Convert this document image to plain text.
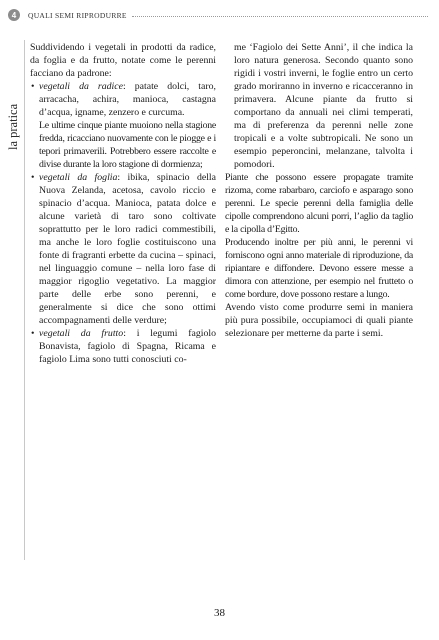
4	QUALI SEMI RIPRODURRE
la pratica

Suddividendo i vegetali in prodotti da radice, da foglia e da frutto, notate come le perenni facciano da padrone:

• vegetali da radice: patate dolci, taro, arracacha, achira, manioca, castagna d’acqua, igname, zenzero e curcuma.

Le ultime cinque piante muoiono nella stagione fredda, ricacciano nuovamente con le piogge e i tepori primaverili. Potrebbero essere raccolte e divise durante la loro stagione di dormienza;

• vegetali da foglia: ibika, spinacio della Nuova Zelanda, acetosa, cavolo riccio e spinacio d’acqua. Manioca, patata dolce e alcune varietà di taro sono coltivate soprattutto per le loro radici commestibili, ma anche le loro foglie costituiscono una fonte di fragranti erbette da cucina – spinaci, nel linguaggio comune – nella loro fase di maggior rigoglio vegetativo. La maggior parte delle erbe sono perenni, e generalmente si dice che sono ottimi accompagnamenti delle verdure;

• vegetali da frutto: i legumi fagiolo Bonavista, fagiolo di Spagna, Ricama e fagiolo Lima sono tutti conosciuti co-

me ‘Fagiolo dei Sette Anni’, il che indica la loro natura generosa. Secondo quanto sono rigidi i vostri inverni, le foglie entro un certo grado moriranno in inverno e ricacceranno in primavera. Alcune piante da frutto si comportano da annuali nei climi temperati, ma di preferenza da perenni nelle zone tropicali e a volte subtropicali. Ne sono un esempio peperoncini, melanzane, talvolta i pomodori.

Piante che possono essere propagate tramite rizoma, come rabarbaro, carciofo e asparago sono perenni. Le specie perenni della famiglia delle cipolle comprendono alcuni porri, l’aglio da taglio e la cipolla d’Egitto.

Producendo inoltre per più anni, le perenni vi forniscono ogni anno materiale di riproduzione, da ripiantare e diffondere. Devono essere messe a dimora con attenzione, per esempio nel frutteto o come bordure, dove possono restare a lungo.

Avendo visto come produrre semi in maniera più pura possibile, occupiamoci di quali piante selezionare per metterne da parte i semi.

38
